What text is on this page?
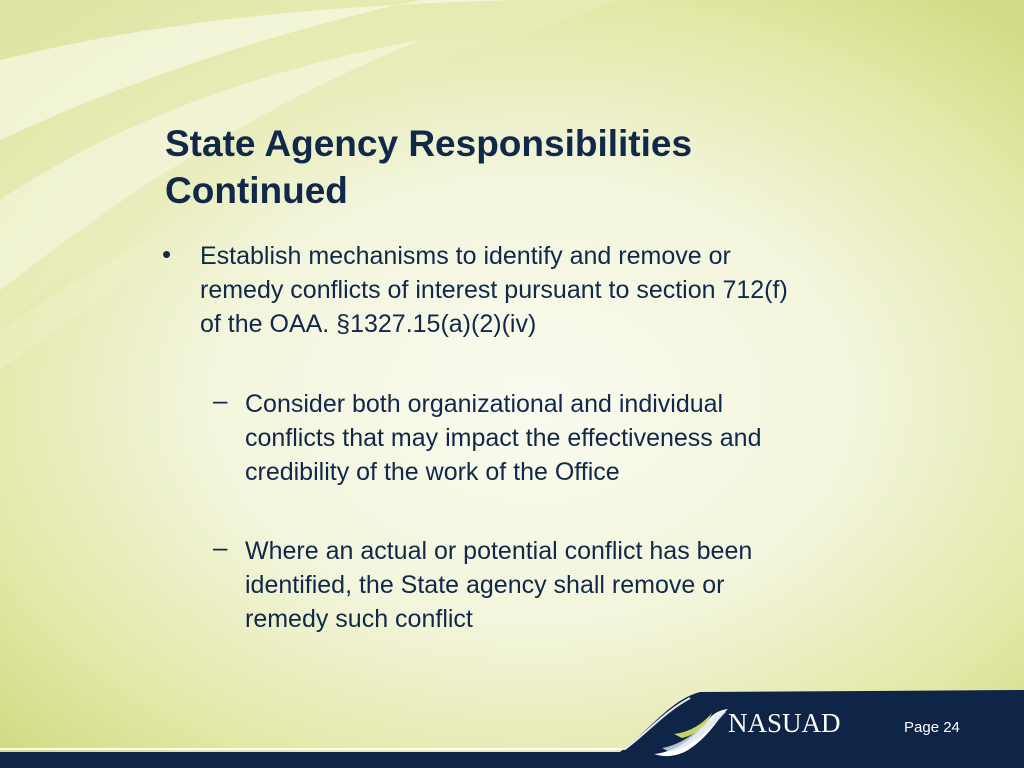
State Agency Responsibilities
Continued
• Establish mechanisms to identify and remove or
remedy conflicts of interest pursuant to section 712(f)
of the OAA. §1327.15(a)(2)(iv)
– Consider both organizational and individual
conflicts that may impact the effectiveness and
credibility of the work of the Office
– Where an actual or potential conflict has been
identified, the State agency shall remove or
remedy such conflict
NASUAD	Page 24
